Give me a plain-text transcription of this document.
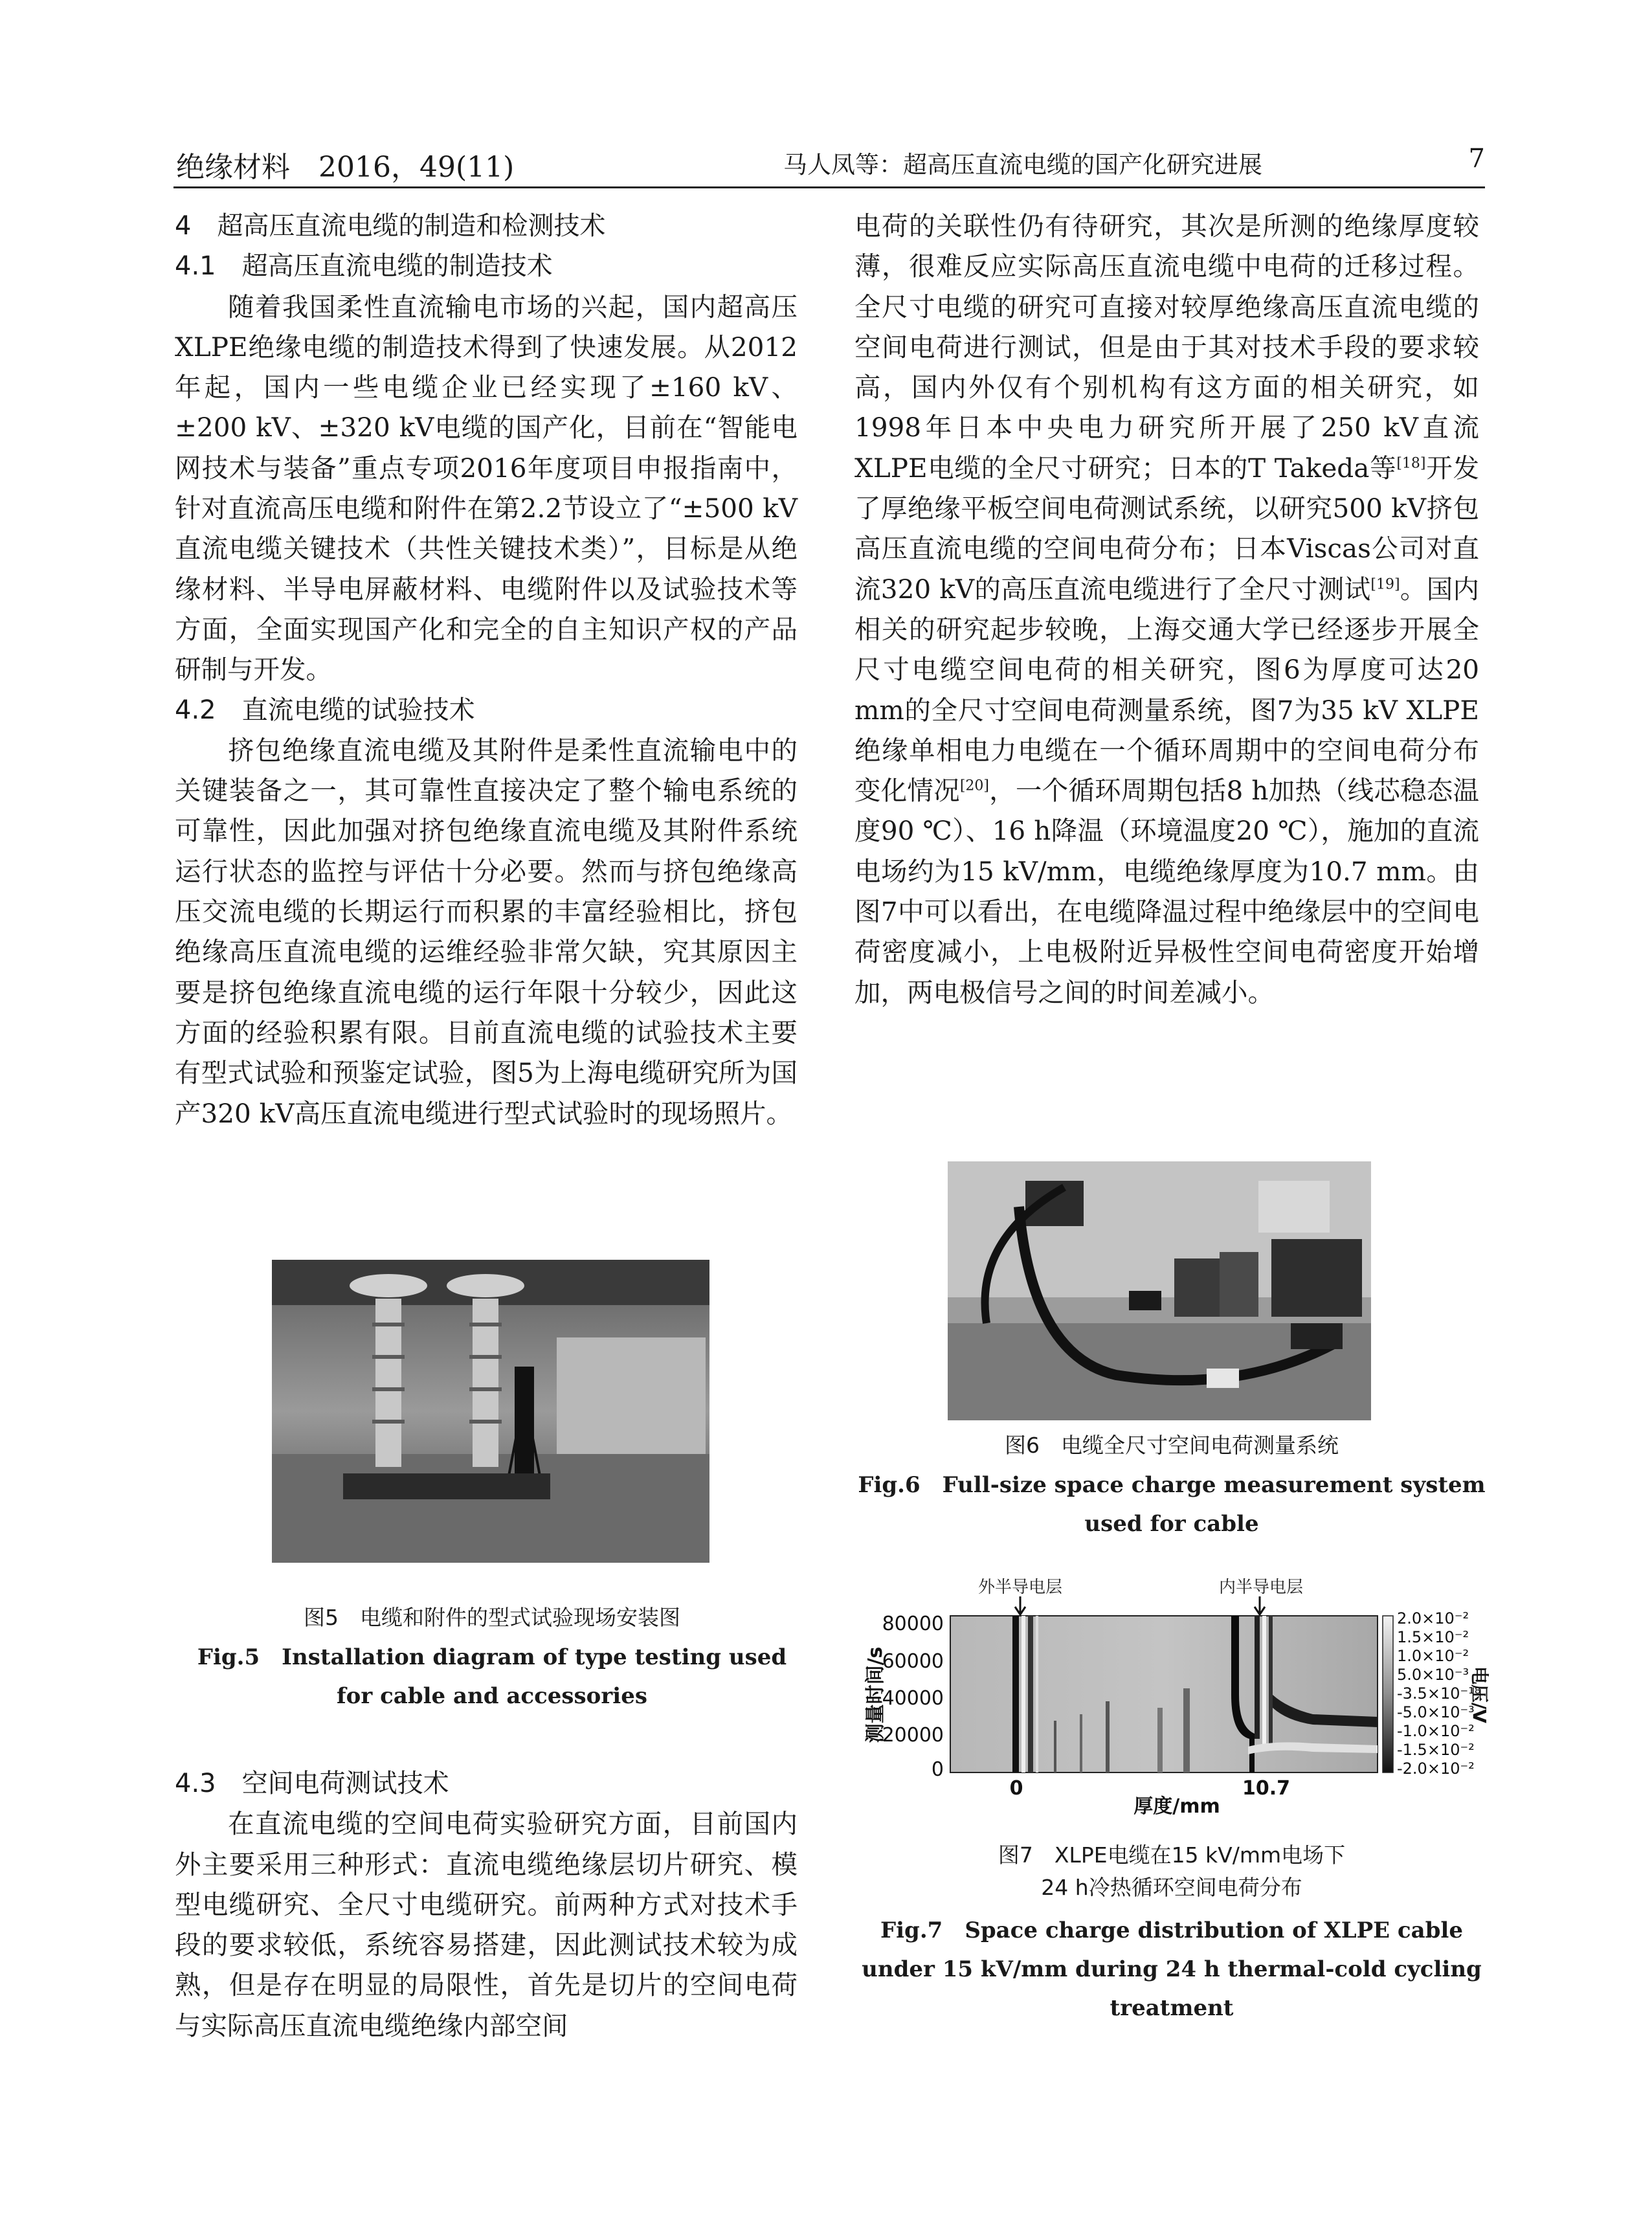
绝缘材料　2016，49(11)	马人凤等：超高压直流电缆的国产化研究进展	7

4　超高压直流电缆的制造和检测技术

4.1　超高压直流电缆的制造技术

随着我国柔性直流输电市场的兴起，国内超高压XLPE绝缘电缆的制造技术得到了快速发展。从2012年起，国内一些电缆企业已经实现了±160 kV、±200 kV、±320 kV电缆的国产化，目前在“智能电网技术与装备”重点专项2016年度项目申报指南中，针对直流高压电缆和附件在第2.2节设立了“±500 kV直流电缆关键技术（共性关键技术类）”，目标是从绝缘材料、半导电屏蔽材料、电缆附件以及试验技术等方面，全面实现国产化和完全的自主知识产权的产品研制与开发。

4.2　直流电缆的试验技术

挤包绝缘直流电缆及其附件是柔性直流输电中的关键装备之一，其可靠性直接决定了整个输电系统的可靠性，因此加强对挤包绝缘直流电缆及其附件系统运行状态的监控与评估十分必要。然而与挤包绝缘高压交流电缆的长期运行而积累的丰富经验相比，挤包绝缘高压直流电缆的运维经验非常欠缺，究其原因主要是挤包绝缘直流电缆的运行年限十分较少，因此这方面的经验积累有限。目前直流电缆的试验技术主要有型式试验和预鉴定试验，图5为上海电缆研究所为国产320 kV高压直流电缆进行型式试验时的现场照片。

图5　电缆和附件的型式试验现场安装图
Fig.5　Installation diagram of type testing used for cable and accessories

4.3　空间电荷测试技术

在直流电缆的空间电荷实验研究方面，目前国内外主要采用三种形式：直流电缆绝缘层切片研究、模型电缆研究、全尺寸电缆研究。前两种方式对技术手段的要求较低，系统容易搭建，因此测试技术较为成熟，但是存在明显的局限性，首先是切片的空间电荷与实际高压直流电缆绝缘内部空间

电荷的关联性仍有待研究，其次是所测的绝缘厚度较薄，很难反应实际高压直流电缆中电荷的迁移过程。全尺寸电缆的研究可直接对较厚绝缘高压直流电缆的空间电荷进行测试，但是由于其对技术手段的要求较高，国内外仅有个别机构有这方面的相关研究，如1998年日本中央电力研究所开展了250 kV直流XLPE电缆的全尺寸研究；日本的T Takeda等[18]开发了厚绝缘平板空间电荷测试系统，以研究500 kV挤包高压直流电缆的空间电荷分布；日本Viscas公司对直流320 kV的高压直流电缆进行了全尺寸测试[19]。国内相关的研究起步较晚，上海交通大学已经逐步开展全尺寸电缆空间电荷的相关研究，图6为厚度可达20 mm的全尺寸空间电荷测量系统，图7为35 kV XLPE绝缘单相电力电缆在一个循环周期中的空间电荷分布变化情况[20]，一个循环周期包括8 h加热（线芯稳态温度90 ℃）、16 h降温（环境温度20 ℃），施加的直流电场约为15 kV/mm，电缆绝缘厚度为10.7 mm。由图7中可以看出，在电缆降温过程中绝缘层中的空间电荷密度减小，上电极附近异极性空间电荷密度开始增加，两电极信号之间的时间差减小。

图6　电缆全尺寸空间电荷测量系统
Fig.6　Full-size space charge measurement system used for cable
外半导电层	内半导电层
80000
60000
40000
20000
0
测量时间/s
0	10.7
厚度/mm
2.0×10⁻²
1.5×10⁻²
1.0×10⁻²
5.0×10⁻³
-3.5×10⁻¹⁸
-5.0×10⁻³
-1.0×10⁻²
-1.5×10⁻²
-2.0×10⁻²
电压/V
图7　XLPE电缆在15 kV/mm电场下
24 h冷热循环空间电荷分布
Fig.7　Space charge distribution of XLPE cable under 15 kV/mm during 24 h thermal-cold cycling treatment
